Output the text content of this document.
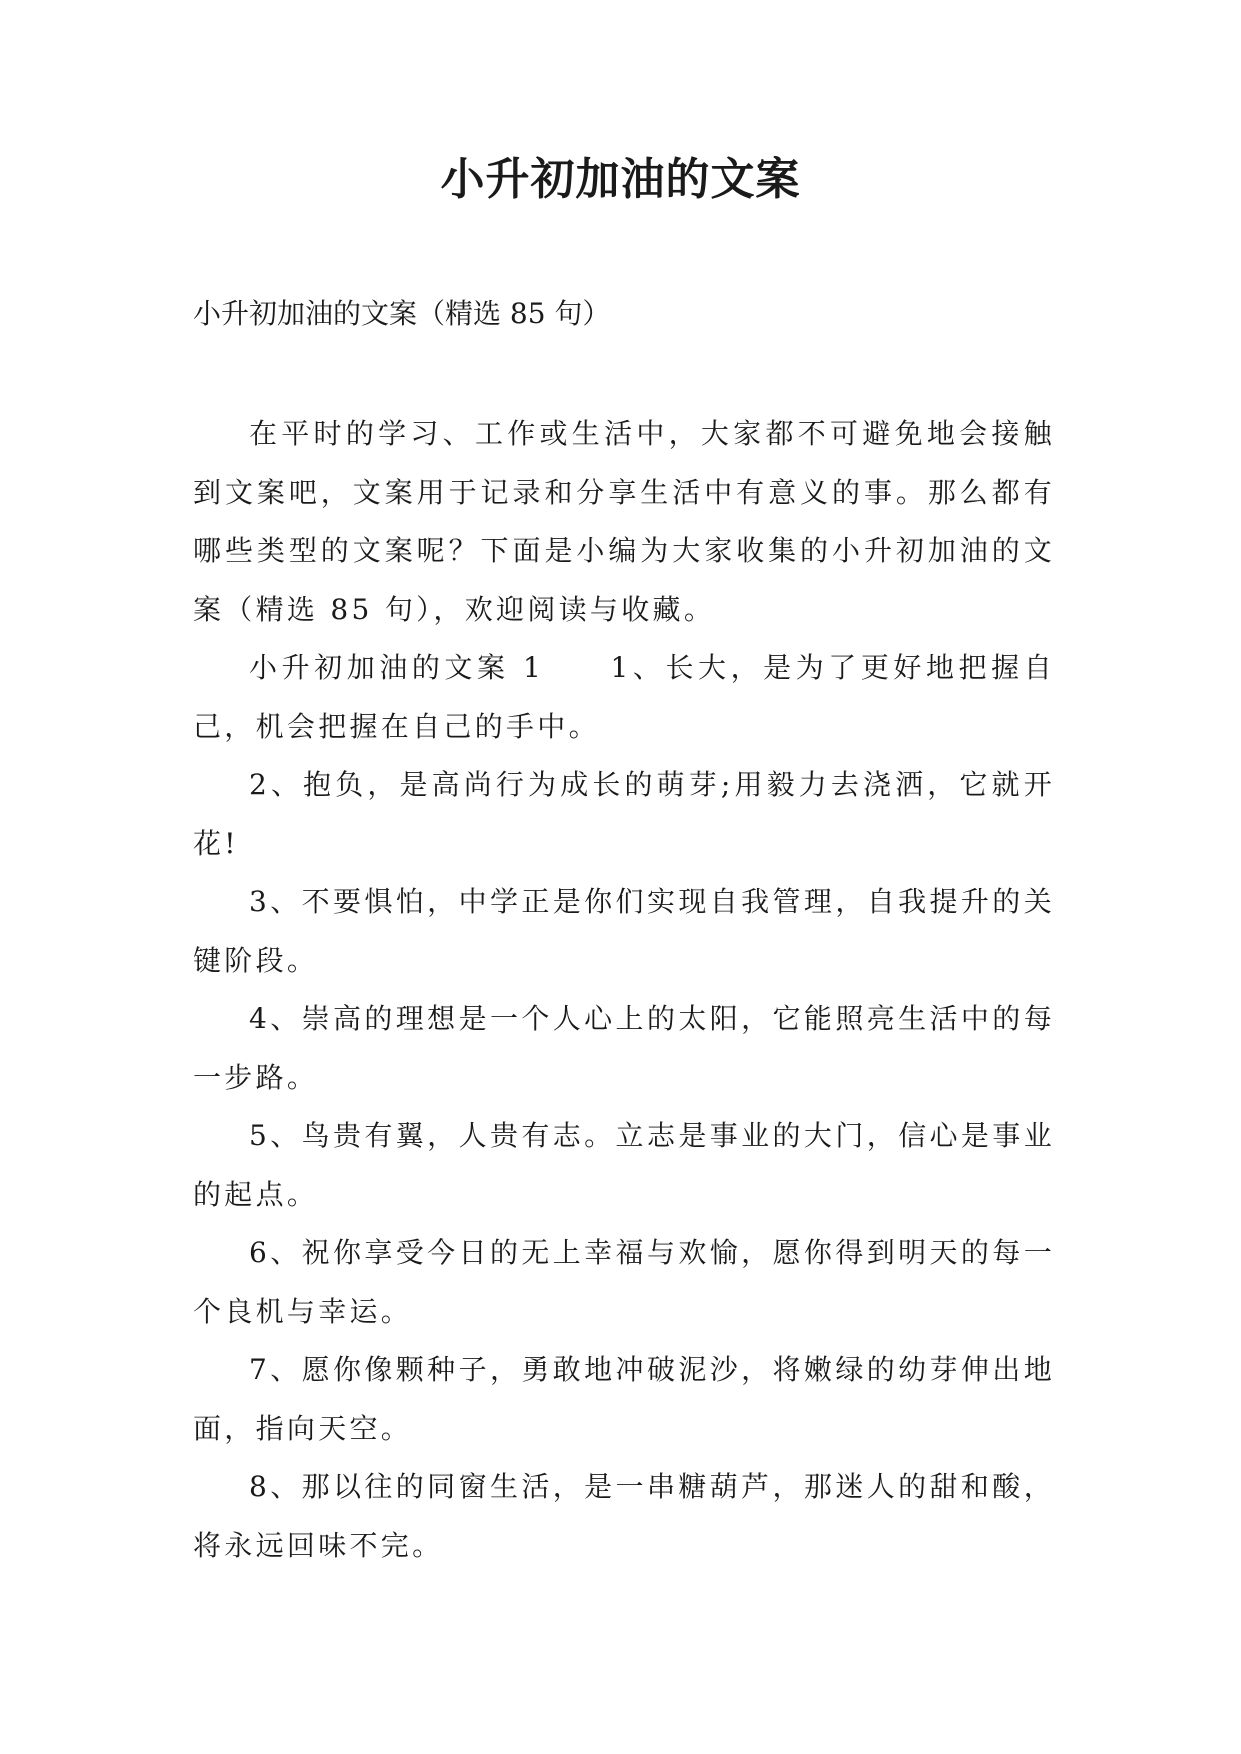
小升初加油的文案
小升初加油的文案（精选 85 句）

在平时的学习、工作或生活中，大家都不可避免地会接触到文案吧，文案用于记录和分享生活中有意义的事。那么都有哪些类型的文案呢？下面是小编为大家收集的小升初加油的文案（精选 85 句），欢迎阅读与收藏。

小升初加油的文案 1　　1、长大，是为了更好地把握自己，机会把握在自己的手中。

2、抱负，是高尚行为成长的萌芽;用毅力去浇洒，它就开花!

3、不要惧怕，中学正是你们实现自我管理，自我提升的关键阶段。

4、崇高的理想是一个人心上的太阳，它能照亮生活中的每一步路。

5、鸟贵有翼，人贵有志。立志是事业的大门，信心是事业的起点。

6、祝你享受今日的无上幸福与欢愉，愿你得到明天的每一个良机与幸运。

7、愿你像颗种子，勇敢地冲破泥沙，将嫩绿的幼芽伸出地面，指向天空。

8、那以往的同窗生活，是一串糖葫芦，那迷人的甜和酸，将永远回味不完。
